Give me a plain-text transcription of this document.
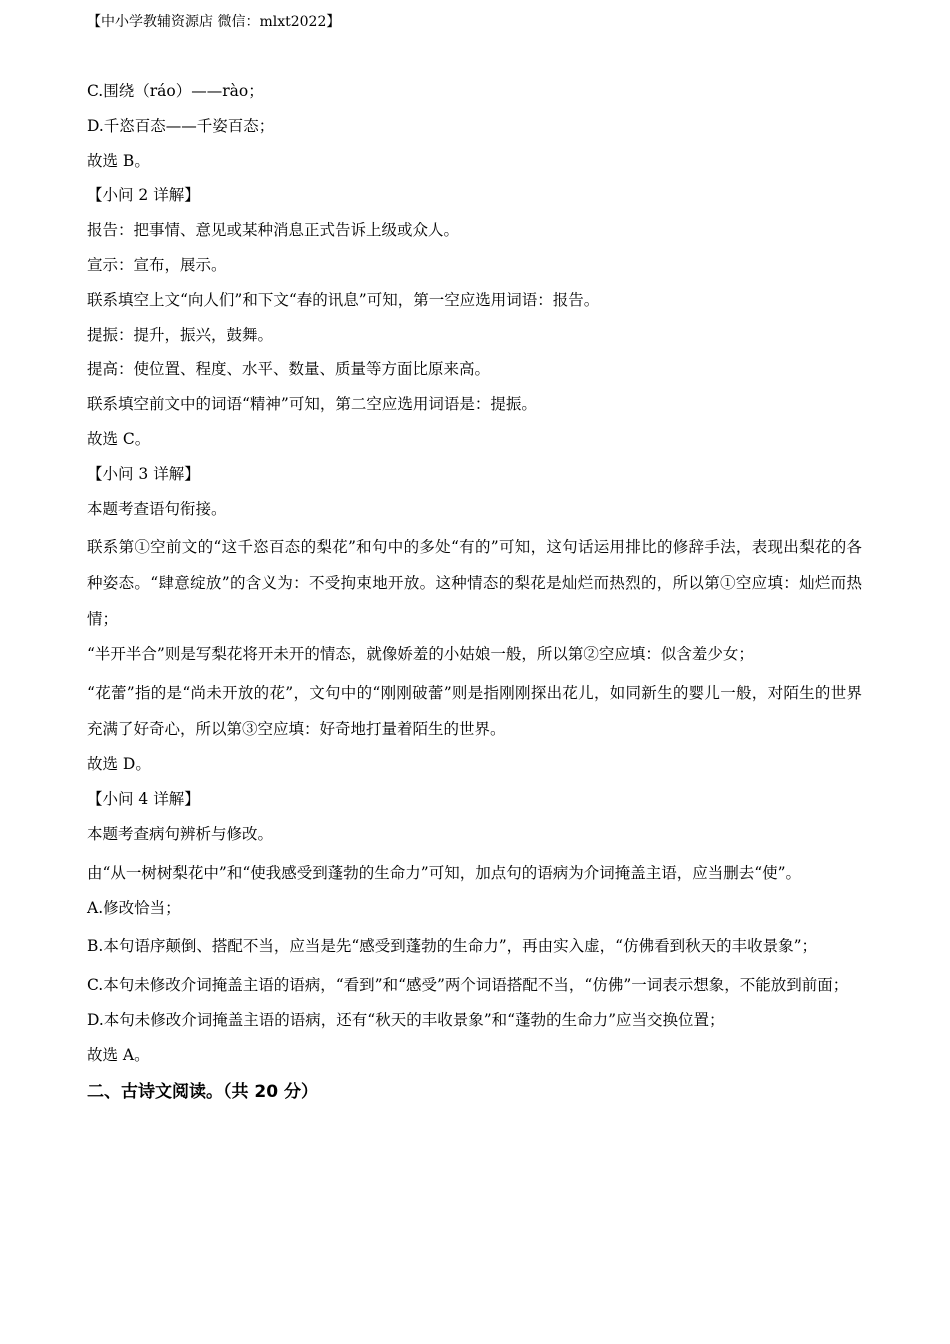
【中小学教辅资源店 微信：mlxt2022】
C.围绕（ráo）——rào；
D.千恣百态——千姿百态；
故选 B。
【小问 2 详解】
报告：把事情、意见或某种消息正式告诉上级或众人。
宣示：宣布，展示。
联系填空上文“向人们”和下文“春的讯息”可知，第一空应选用词语：报告。
提振：提升，振兴，鼓舞。
提高：使位置、程度、水平、数量、质量等方面比原来高。
联系填空前文中的词语“精神”可知，第二空应选用词语是：提振。
故选 C。
【小问 3 详解】
本题考查语句衔接。
联系第①空前文的“这千恣百态的梨花”和句中的多处“有的”可知，这句话运用排比的修辞手法，表现出梨花的各种姿态。“肆意绽放”的含义为：不受拘束地开放。这种情态的梨花是灿烂而热烈的，所以第①空应填：灿烂而热情；
“半开半合”则是写梨花将开未开的情态，就像娇羞的小姑娘一般，所以第②空应填：似含羞少女；
“花蕾”指的是“尚未开放的花”，文句中的“刚刚破蕾”则是指刚刚探出花儿，如同新生的婴儿一般，对陌生的世界充满了好奇心，所以第③空应填：好奇地打量着陌生的世界。
故选 D。
【小问 4 详解】
本题考查病句辨析与修改。
由“从一树树梨花中”和“使我感受到蓬勃的生命力”可知，加点句的语病为介词掩盖主语，应当删去“使”。
A.修改恰当；
B.本句语序颠倒、搭配不当，应当是先“感受到蓬勃的生命力”，再由实入虚，“仿佛看到秋天的丰收景象”；
C.本句未修改介词掩盖主语的语病，“看到”和“感受”两个词语搭配不当，“仿佛”一词表示想象，不能放到前面；
D.本句未修改介词掩盖主语的语病，还有“秋天的丰收景象”和“蓬勃的生命力”应当交换位置；
故选 A。
二、古诗文阅读。（共 20 分）
